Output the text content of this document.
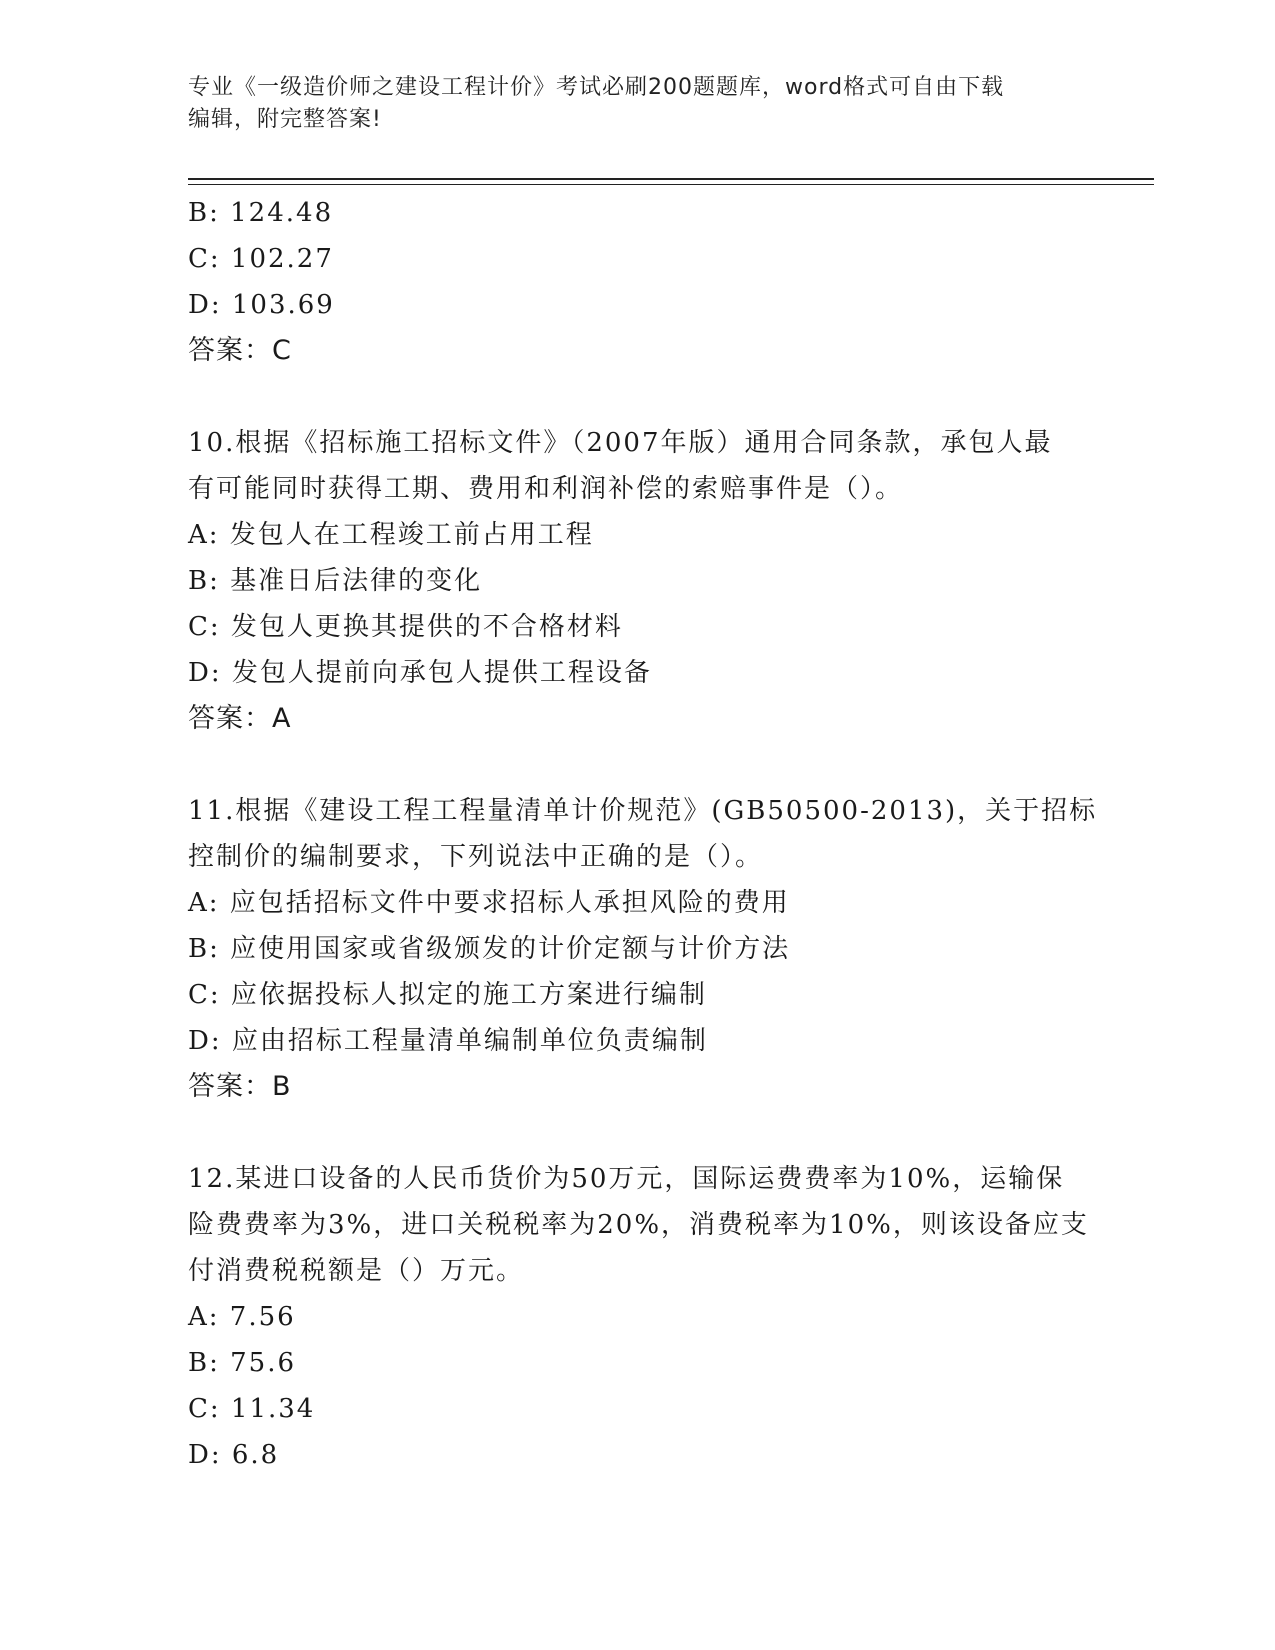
专业《一级造价师之建设工程计价》考试必刷200题题库，word格式可自由下载
编辑，附完整答案!
B: 124.48
C: 102.27
D: 103.69
答案：C
10.根据《招标施工招标文件》（2007年版）通用合同条款，承包人最
有可能同时获得工期、费用和利润补偿的索赔事件是（）。
A: 发包人在工程竣工前占用工程
B: 基准日后法律的变化
C: 发包人更换其提供的不合格材料
D: 发包人提前向承包人提供工程设备
答案：A
11.根据《建设工程工程量清单计价规范》(GB50500-2013)，关于招标
控制价的编制要求，下列说法中正确的是（）。
A: 应包括招标文件中要求招标人承担风险的费用
B: 应使用国家或省级颁发的计价定额与计价方法
C: 应依据投标人拟定的施工方案进行编制
D: 应由招标工程量清单编制单位负责编制
答案：B
12.某进口设备的人民币货价为50万元，国际运费费率为10%，运输保
险费费率为3%，进口关税税率为20%，消费税率为10%，则该设备应支
付消费税税额是（）万元。
A: 7.56
B: 75.6
C: 11.34
D: 6.8
